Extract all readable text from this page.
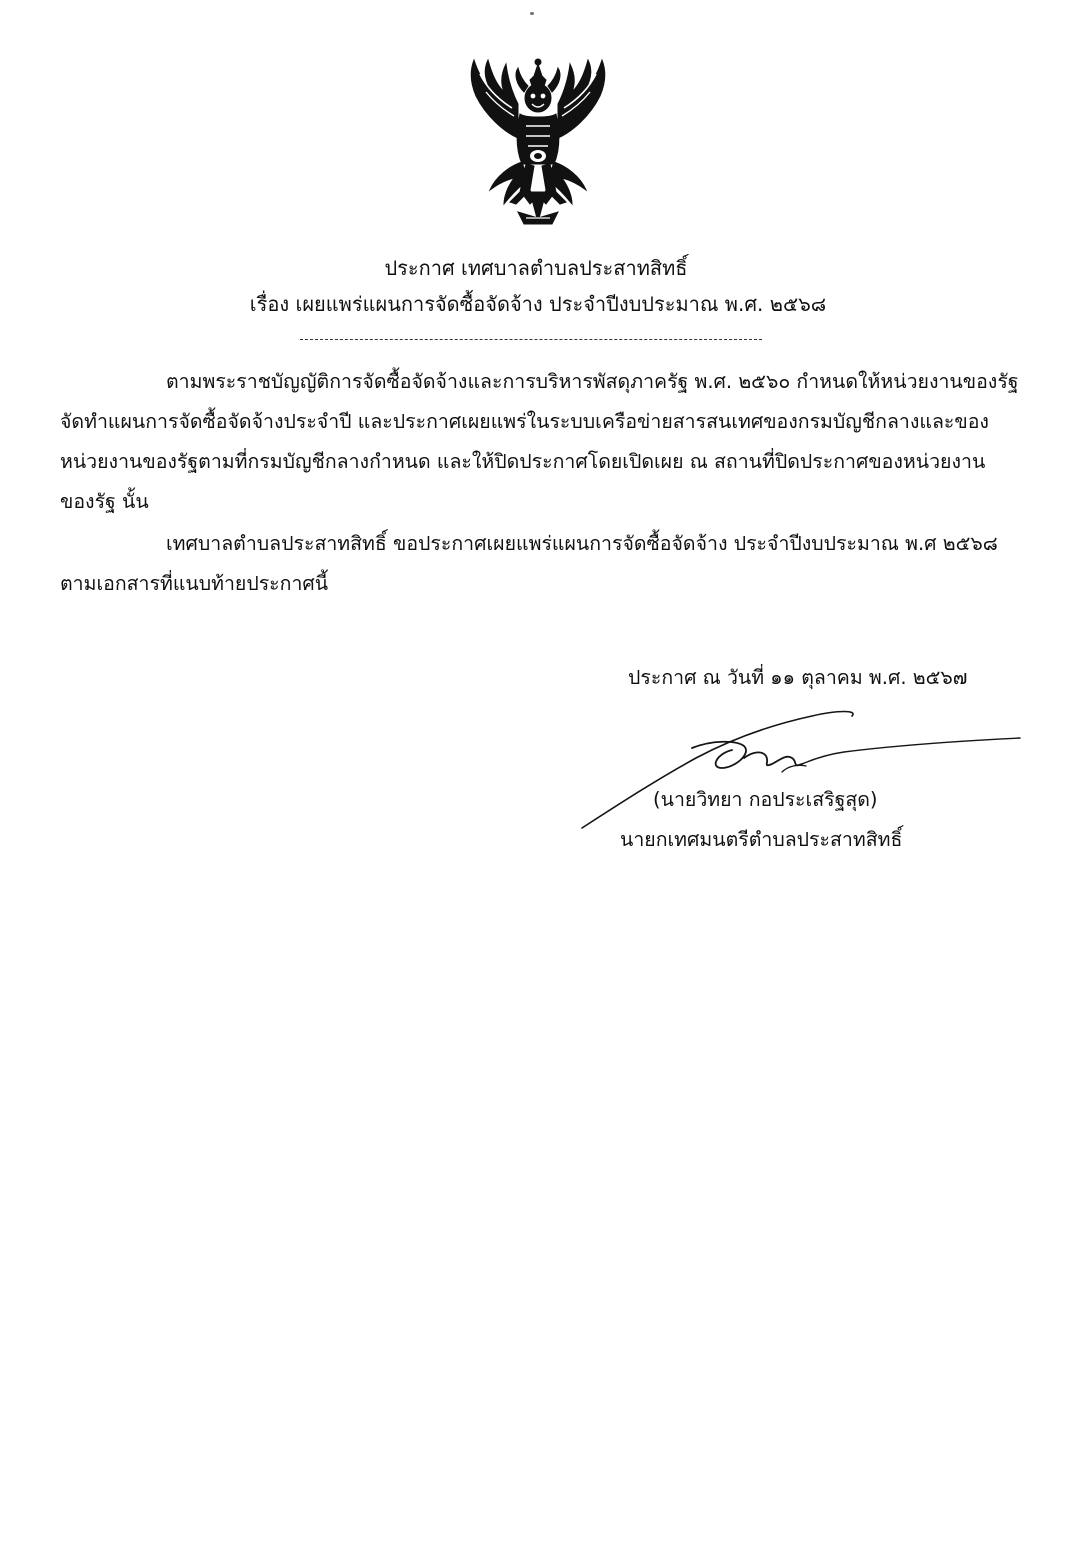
ประกาศ เทศบาลตำบลประสาทสิทธิ์
เรื่อง เผยแพร่แผนการจัดซื้อจัดจ้าง ประจำปีงบประมาณ พ.ศ. ๒๕๖๘
ตามพระราชบัญญัติการจัดซื้อจัดจ้างและการบริหารพัสดุภาครัฐ พ.ศ. ๒๕๖๐ กำหนดให้หน่วยงานของรัฐ
จัดทำแผนการจัดซื้อจัดจ้างประจำปี และประกาศเผยแพร่ในระบบเครือข่ายสารสนเทศของกรมบัญชีกลางและของ
หน่วยงานของรัฐตามที่กรมบัญชีกลางกำหนด และให้ปิดประกาศโดยเปิดเผย ณ สถานที่ปิดประกาศของหน่วยงาน
ของรัฐ นั้น
เทศบาลตำบลประสาทสิทธิ์ ขอประกาศเผยแพร่แผนการจัดซื้อจัดจ้าง ประจำปีงบประมาณ พ.ศ ๒๕๖๘
ตามเอกสารที่แนบท้ายประกาศนี้
ประกาศ ณ วันที่ ๑๑ ตุลาคม พ.ศ. ๒๕๖๗
(นายวิทยา กอประเสริฐสุด)
นายกเทศมนตรีตำบลประสาทสิทธิ์
